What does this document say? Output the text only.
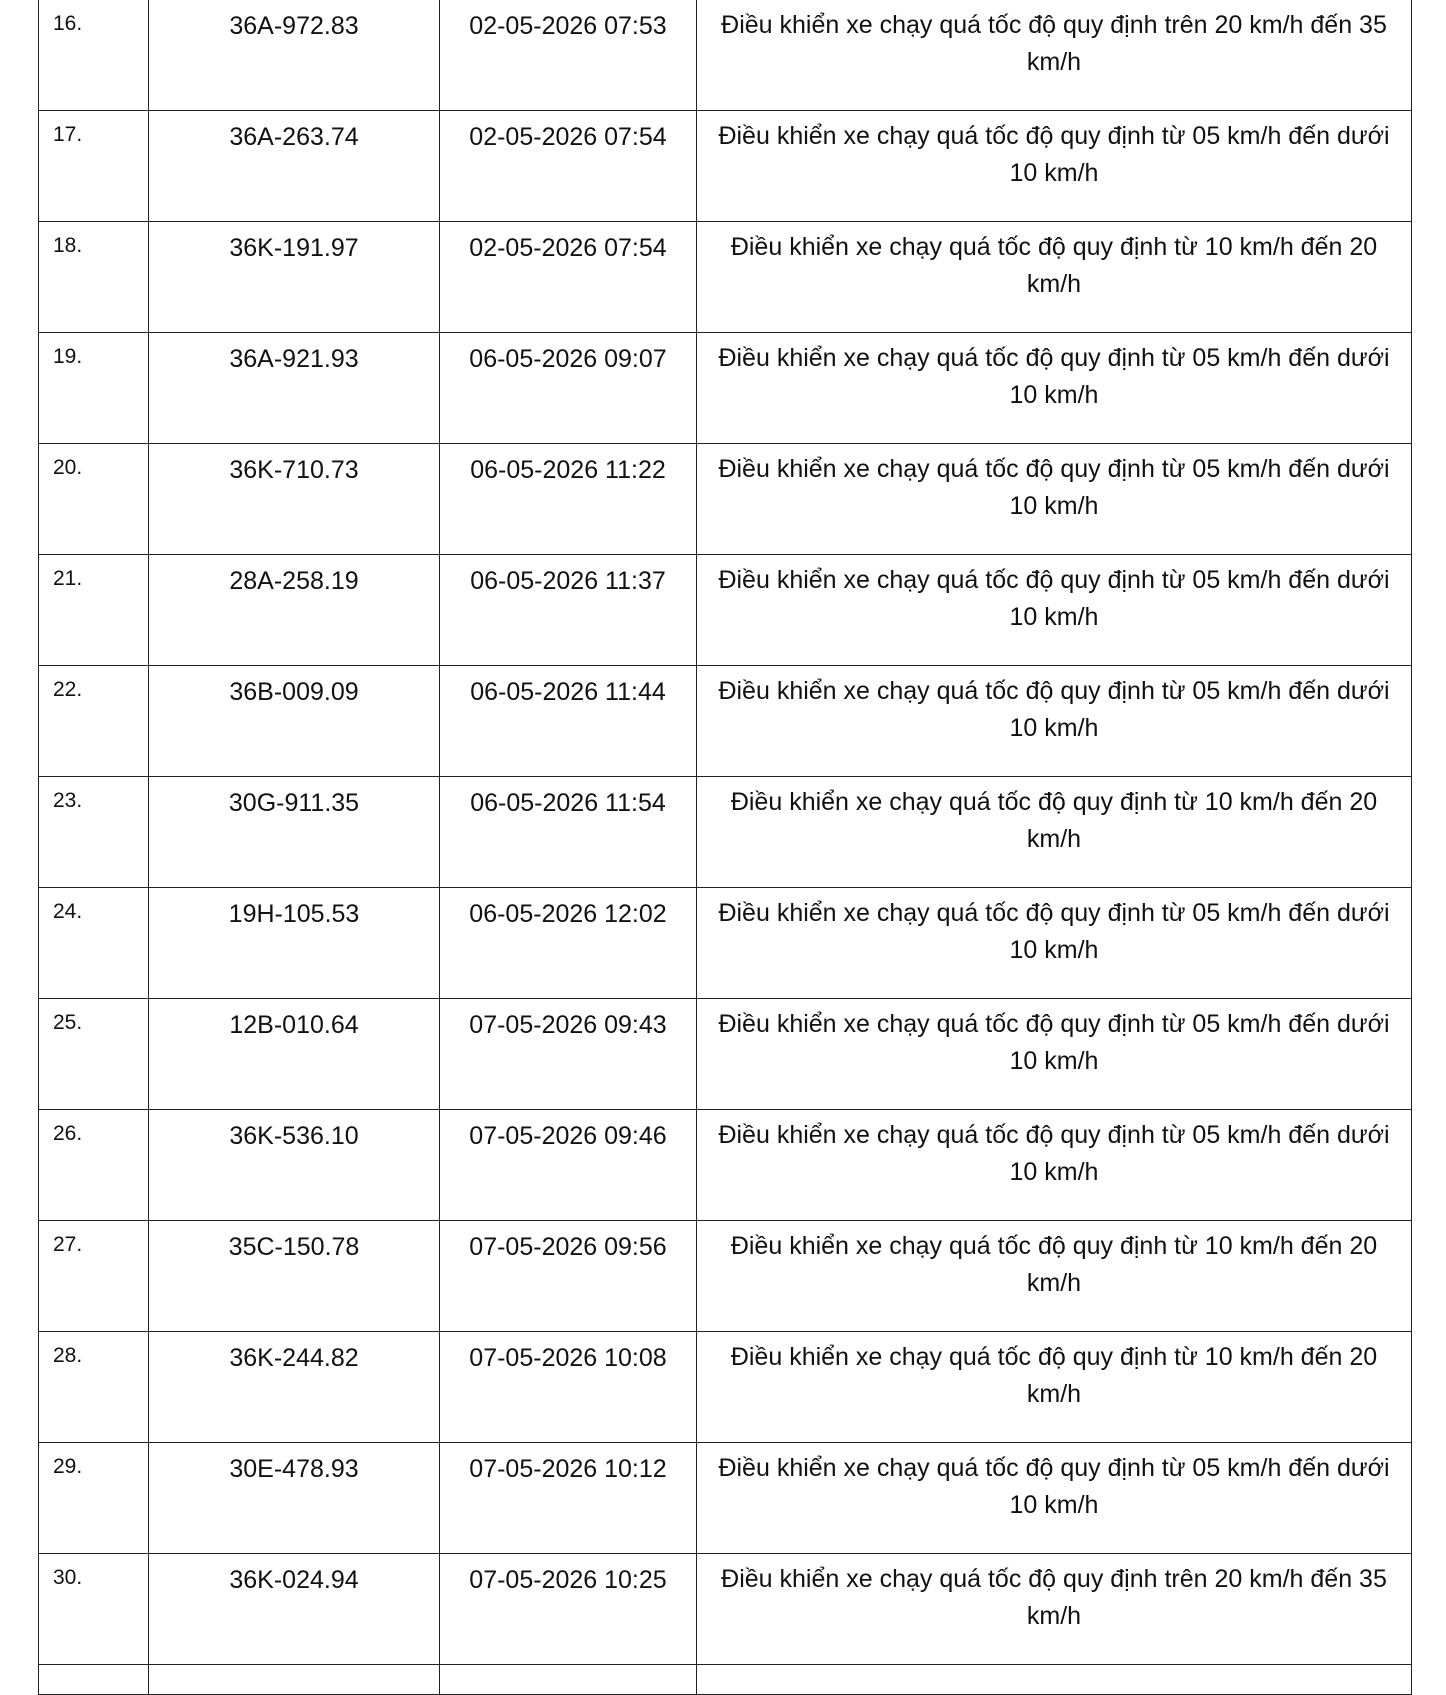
16.	36A-972.83	02-05-2026 07:53	Điều khiển xe chạy quá tốc độ quy định trên 20 km/h đến 35 km/h
17.	36A-263.74	02-05-2026 07:54	Điều khiển xe chạy quá tốc độ quy định từ 05 km/h đến dưới 10 km/h
18.	36K-191.97	02-05-2026 07:54	Điều khiển xe chạy quá tốc độ quy định từ 10 km/h đến 20 km/h
19.	36A-921.93	06-05-2026 09:07	Điều khiển xe chạy quá tốc độ quy định từ 05 km/h đến dưới 10 km/h
20.	36K-710.73	06-05-2026 11:22	Điều khiển xe chạy quá tốc độ quy định từ 05 km/h đến dưới 10 km/h
21.	28A-258.19	06-05-2026 11:37	Điều khiển xe chạy quá tốc độ quy định từ 05 km/h đến dưới 10 km/h
22.	36B-009.09	06-05-2026 11:44	Điều khiển xe chạy quá tốc độ quy định từ 05 km/h đến dưới 10 km/h
23.	30G-911.35	06-05-2026 11:54	Điều khiển xe chạy quá tốc độ quy định từ 10 km/h đến 20 km/h
24.	19H-105.53	06-05-2026 12:02	Điều khiển xe chạy quá tốc độ quy định từ 05 km/h đến dưới 10 km/h
25.	12B-010.64	07-05-2026 09:43	Điều khiển xe chạy quá tốc độ quy định từ 05 km/h đến dưới 10 km/h
26.	36K-536.10	07-05-2026 09:46	Điều khiển xe chạy quá tốc độ quy định từ 05 km/h đến dưới 10 km/h
27.	35C-150.78	07-05-2026 09:56	Điều khiển xe chạy quá tốc độ quy định từ 10 km/h đến 20 km/h
28.	36K-244.82	07-05-2026 10:08	Điều khiển xe chạy quá tốc độ quy định từ 10 km/h đến 20 km/h
29.	30E-478.93	07-05-2026 10:12	Điều khiển xe chạy quá tốc độ quy định từ 05 km/h đến dưới 10 km/h
30.	36K-024.94	07-05-2026 10:25	Điều khiển xe chạy quá tốc độ quy định trên 20 km/h đến 35 km/h
